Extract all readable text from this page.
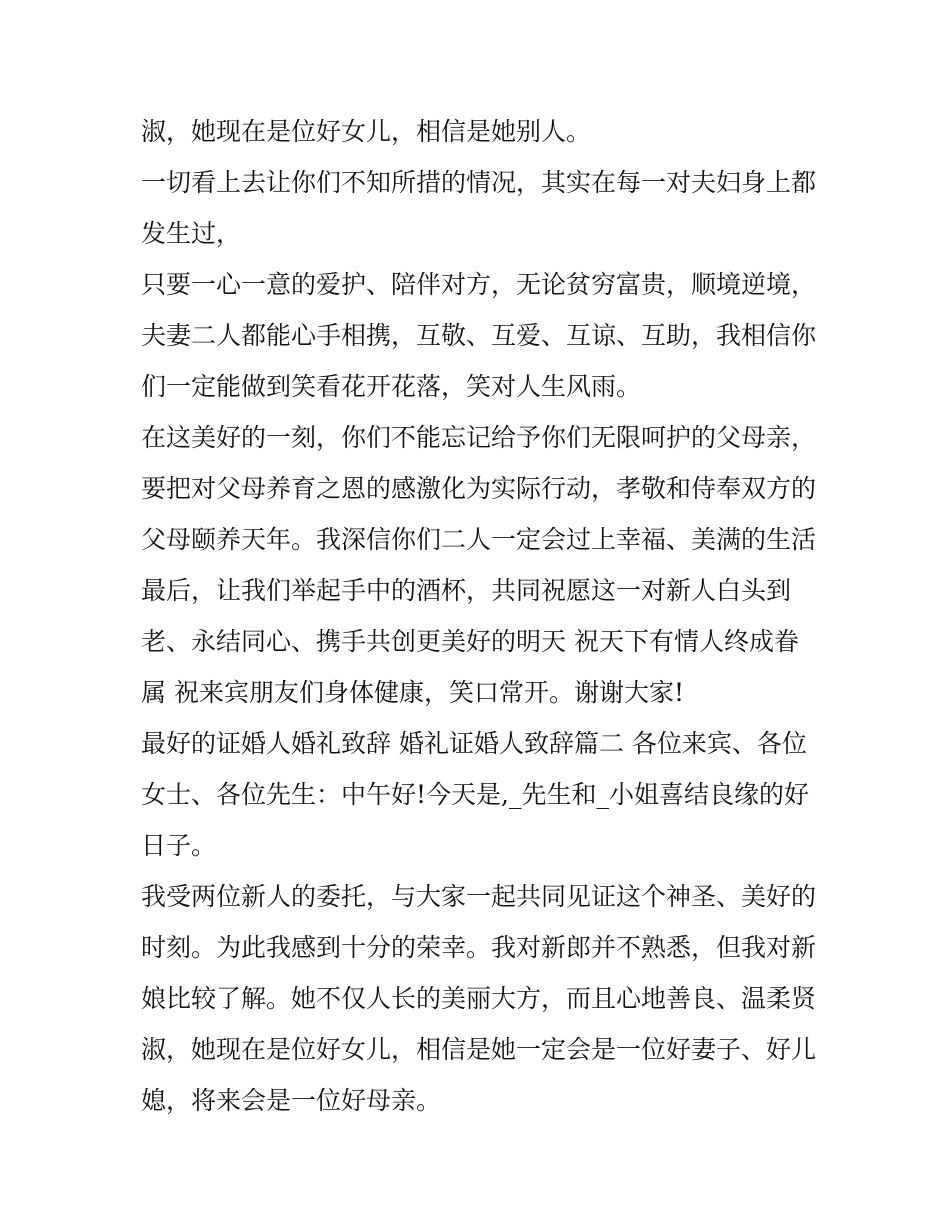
淑，她现在是位好女儿，相信是她别人。
一切看上去让你们不知所措的情况，其实在每一对夫妇身上都
发生过，
只要一心一意的爱护、陪伴对方，无论贫穷富贵，顺境逆境，
夫妻二人都能心手相携，互敬、互爱、互谅、互助，我相信你
们一定能做到笑看花开花落，笑对人生风雨。
在这美好的一刻，你们不能忘记给予你们无限呵护的父母亲，
要把对父母养育之恩的感激化为实际行动，孝敬和侍奉双方的
父母颐养天年。我深信你们二人一定会过上幸福、美满的生活
最后，让我们举起手中的酒杯，共同祝愿这一对新人白头到
老、永结同心、携手共创更美好的明天 祝天下有情人终成眷
属 祝来宾朋友们身体健康，笑口常开。谢谢大家!
最好的证婚人婚礼致辞 婚礼证婚人致辞篇二 各位来宾、各位
女士、各位先生：中午好!今天是,_先生和_小姐喜结良缘的好
日子。
我受两位新人的委托，与大家一起共同见证这个神圣、美好的
时刻。为此我感到十分的荣幸。我对新郎并不熟悉，但我对新
娘比较了解。她不仅人长的美丽大方，而且心地善良、温柔贤
淑，她现在是位好女儿，相信是她一定会是一位好妻子、好儿
媳，将来会是一位好母亲。
